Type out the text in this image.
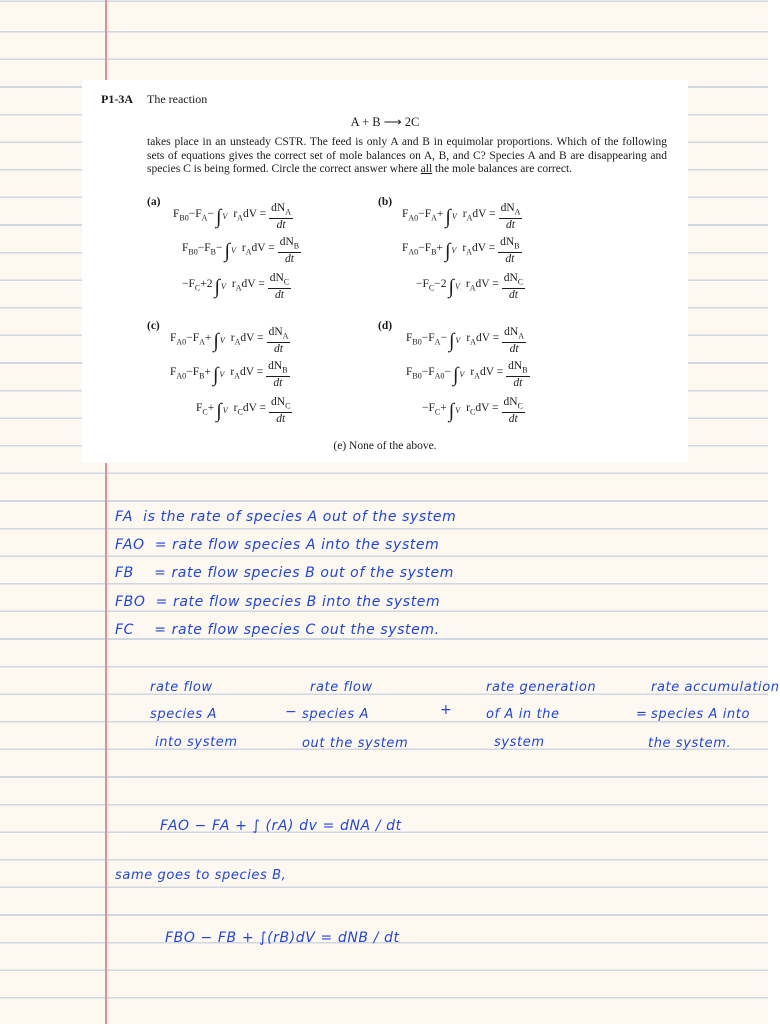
P1-3A The reaction
A + B ⟶ 2C
takes place in an unsteady CSTR. The feed is only A and B in equimolar proportions. Which of the following sets of equations gives the correct set of mole balances on A, B, and C? Species A and B are disappearing and species C is being formed. Circle the correct answer where all the mole balances are correct.
(a)
$F_{B0}-F_A-$ ∫ V $r_AdV = \frac{dN_A}{dt}$
$F_{B0}-F_B-$ ∫ V $r_AdV = \frac{dN_B}{dt}$
$-F_C+2$ ∫ V $r_AdV = \frac{dN_C}{dt}$
(b)
$F_{A0}-F_A+$ ∫ V $r_AdV = \frac{dN_A}{dt}$
$F_{A0}-F_B+$ ∫ V $r_AdV = \frac{dN_B}{dt}$
$-F_C-2$ ∫ V $r_AdV = \frac{dN_C}{dt}$
(c)
$F_{A0}-F_A+$ ∫ V $r_AdV = \frac{dN_A}{dt}$
$F_{A0}-F_B+$ ∫ V $r_AdV = \frac{dN_B}{dt}$
$F_C+$ ∫ V $r_CdV = \frac{dN_C}{dt}$
(d)
$F_{B0}-F_A-$ ∫ V $r_AdV = \frac{dN_A}{dt}$
$F_{B0}-F_{A0}-$ ∫ V $r_AdV = \frac{dN_B}{dt}$
$-F_C+$ ∫ V $r_CdV = \frac{dN_C}{dt}$
(e) None of the above.
FA is the rate of species A out of the system
FAO = rate flow species A into the system
FB = rate flow species B out of the system
FBO = rate flow species B into the system
FC = rate flow species C out the system.
rate flow
species A
into system
−
rate flow
species A
out the system
+
rate generation
of A in the
system
=
rate accumulation
species A into
the system.
FAO − FA + ∫ (rA) dv = dNA / dt
same goes to species B,
FBO − FB + ∫(rB)dV = dNB / dt
